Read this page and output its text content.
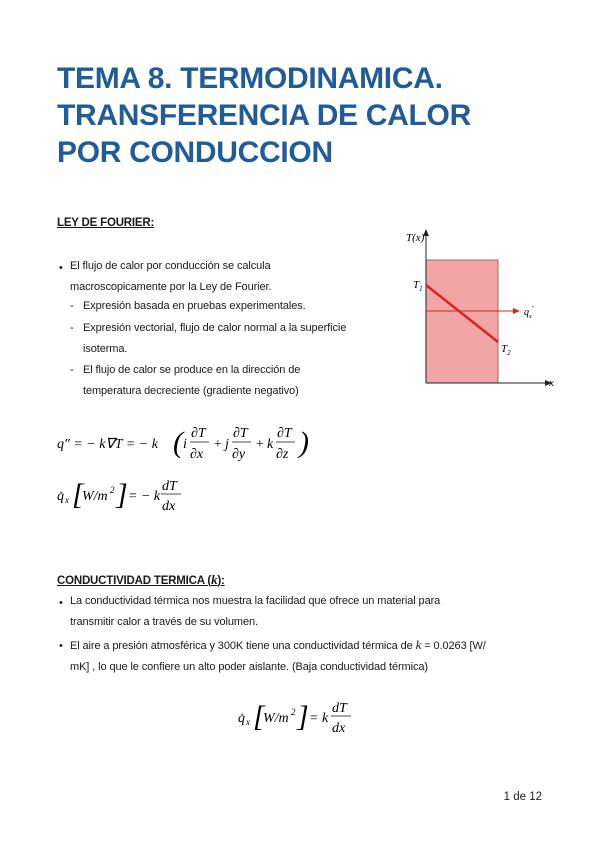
TEMA 8. TERMODINAMICA.
TRANSFERENCIA DE CALOR
POR CONDUCCION
LEY DE FOURIER:
• El flujo de calor por conducción se calcula
macroscopicamente por la Ley de Fourier.
- Expresión basada en pruebas experimentales.
- Expresión vectorial, flujo de calor normal a la superficie
isoterma.
- El flujo de calor se produce en la dirección de
temperatura decreciente (gradiente negativo)
T(x)
x
$T_1$
$T_2$
$q_x^"$
q″ = − k∇T = − k ( i
∂T
∂x
+ j
∂T
∂y
+ k
∂T
∂z )
q̇ x [
W/m 2 ] = − k
dT
dx
CONDUCTIVIDAD TERMICA (k):
• La conductividad térmica nos muestra la facilidad que ofrece un material para
transmitir calor a través de su volumen.
• El aire a presión atmosférica y 300K tiene una conductividad térmica de k = 0.0263 [W/
mK] , lo que le confiere un alto poder aislante. (Baja conductividad térmica)
q̇ x [
W/m 2 ] = k
dT
dx
1 de 12
